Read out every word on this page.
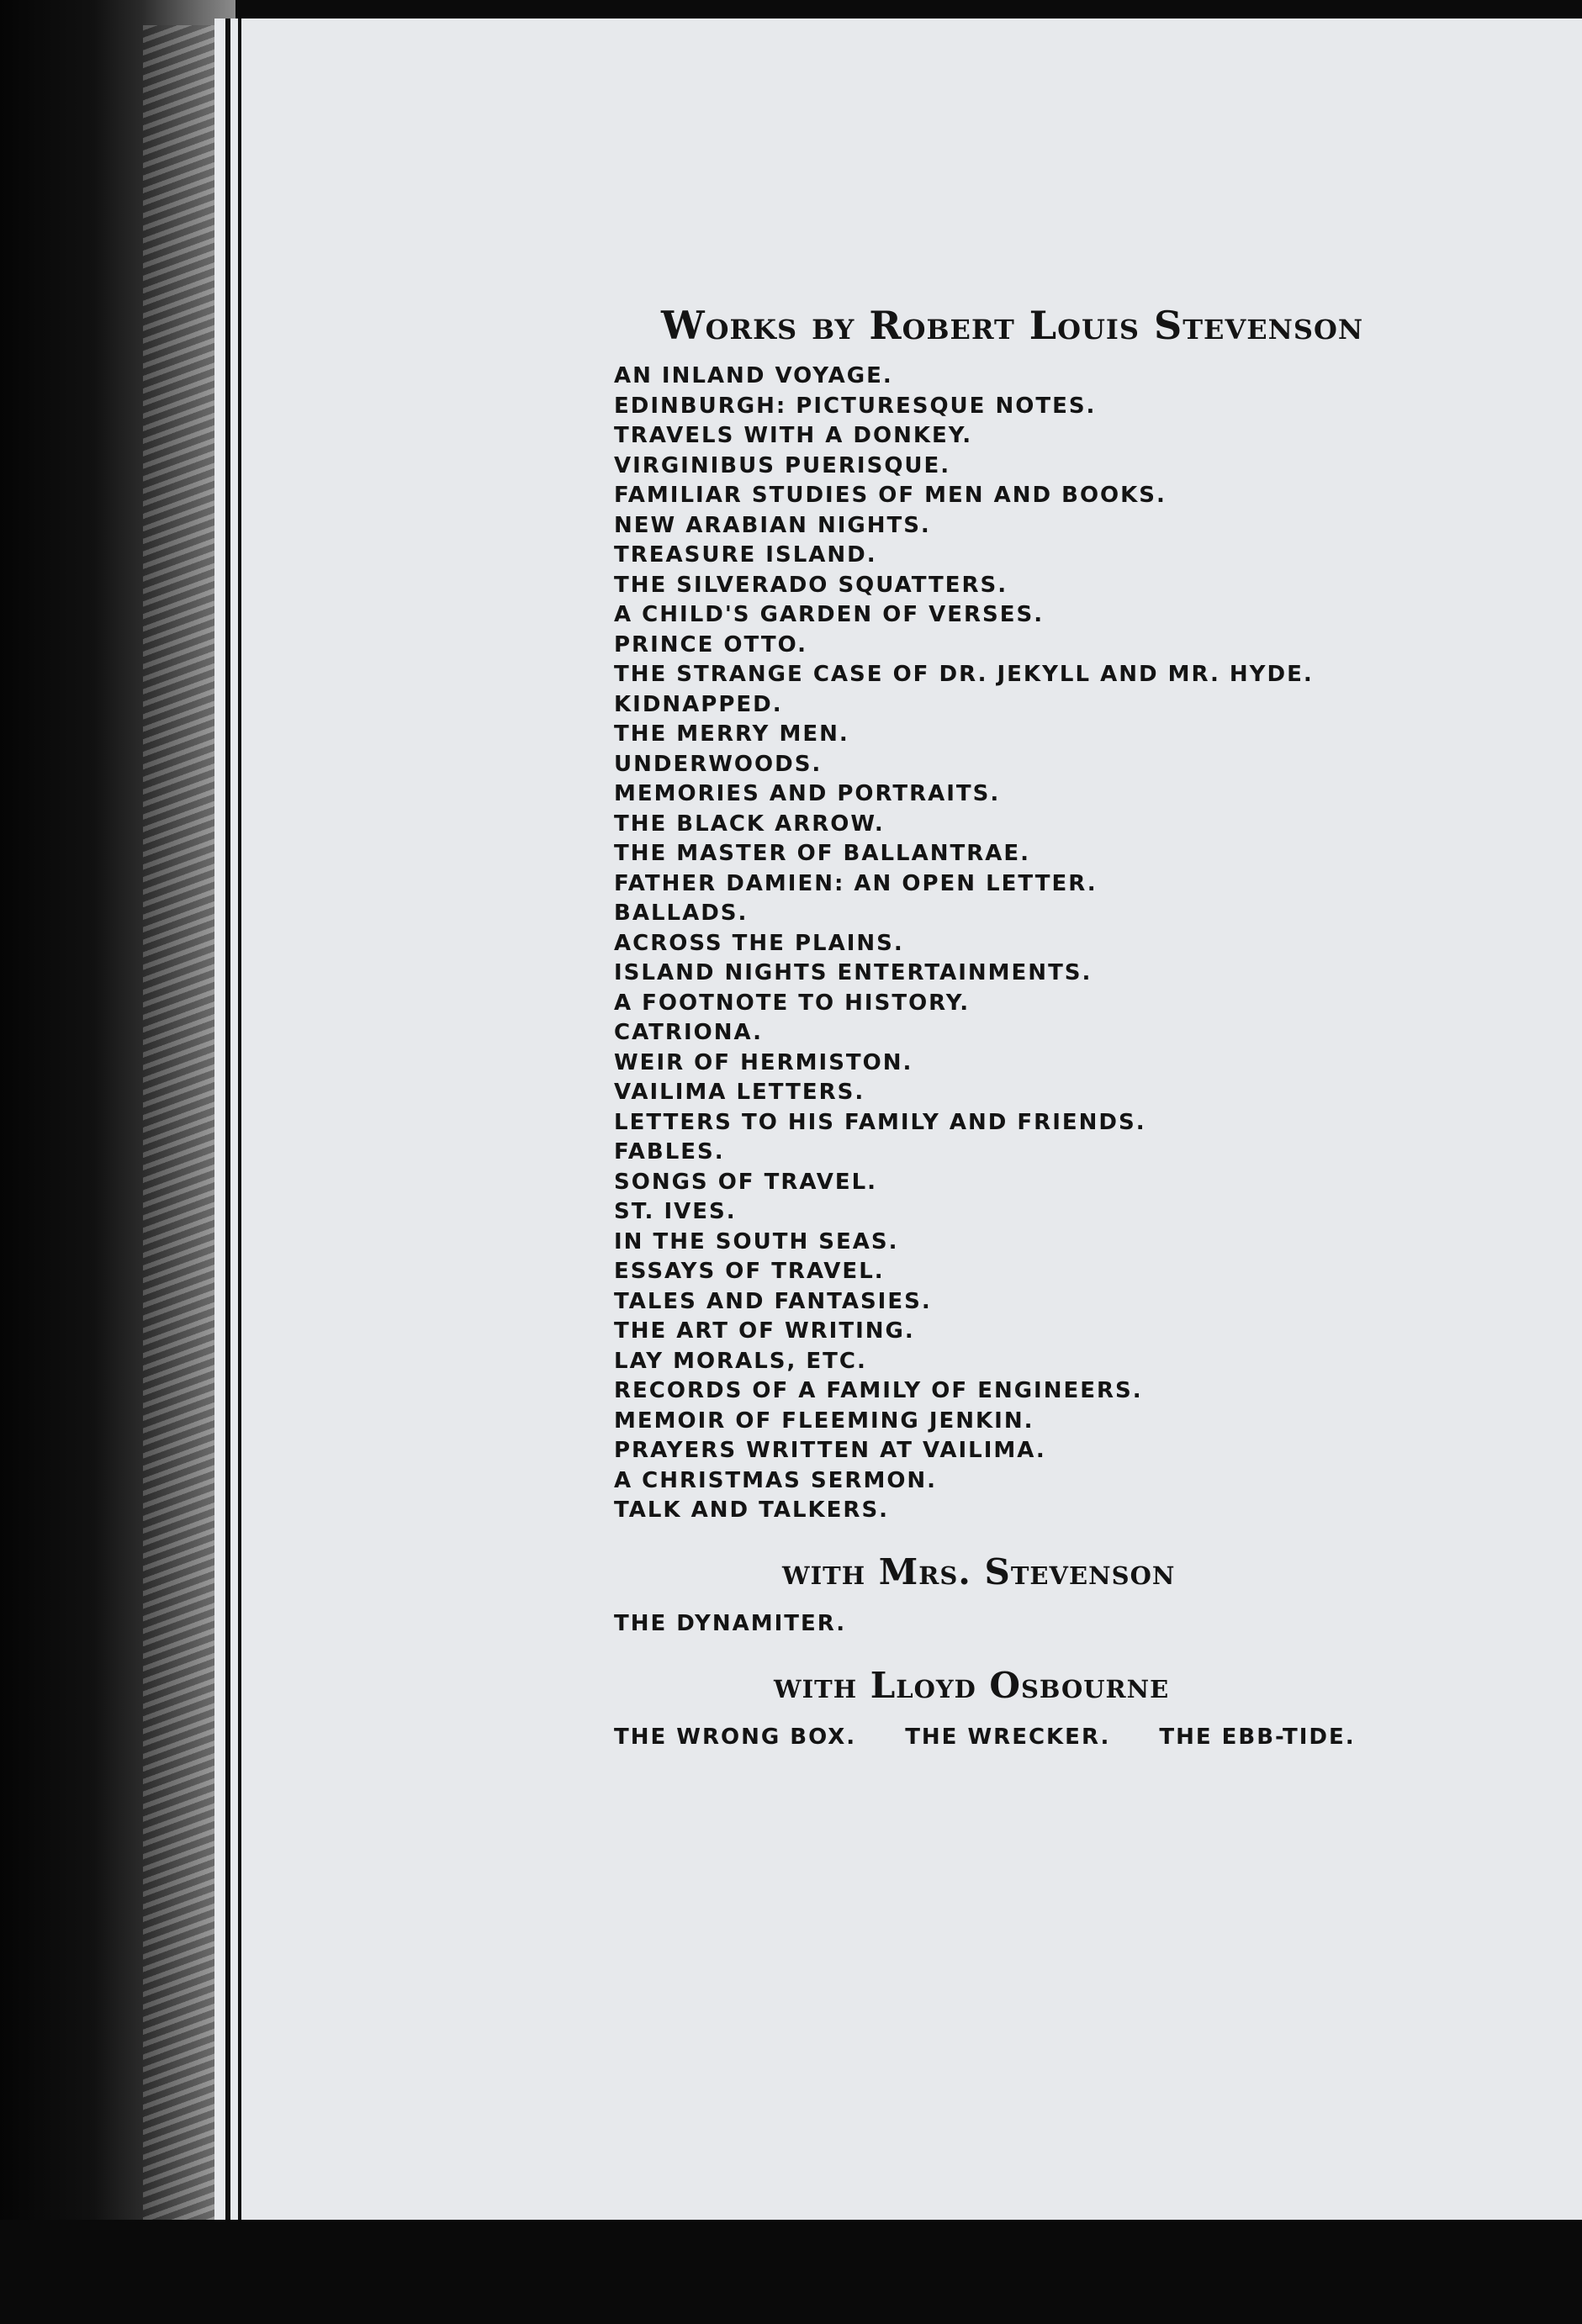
Works by Robert Louis Stevenson
AN INLAND VOYAGE.
EDINBURGH: PICTURESQUE NOTES.
TRAVELS WITH A DONKEY.
VIRGINIBUS PUERISQUE.
FAMILIAR STUDIES OF MEN AND BOOKS.
NEW ARABIAN NIGHTS.
TREASURE ISLAND.
THE SILVERADO SQUATTERS.
A CHILD'S GARDEN OF VERSES.
PRINCE OTTO.
THE STRANGE CASE OF DR. JEKYLL AND MR. HYDE.
KIDNAPPED.
THE MERRY MEN.
UNDERWOODS.
MEMORIES AND PORTRAITS.
THE BLACK ARROW.
THE MASTER OF BALLANTRAE.
FATHER DAMIEN: AN OPEN LETTER.
BALLADS.
ACROSS THE PLAINS.
ISLAND NIGHTS ENTERTAINMENTS.
A FOOTNOTE TO HISTORY.
CATRIONA.
WEIR OF HERMISTON.
VAILIMA LETTERS.
LETTERS TO HIS FAMILY AND FRIENDS.
FABLES.
SONGS OF TRAVEL.
ST. IVES.
IN THE SOUTH SEAS.
ESSAYS OF TRAVEL.
TALES AND FANTASIES.
THE ART OF WRITING.
LAY MORALS, ETC.
RECORDS OF A FAMILY OF ENGINEERS.
MEMOIR OF FLEEMING JENKIN.
PRAYERS WRITTEN AT VAILIMA.
A CHRISTMAS SERMON.
TALK AND TALKERS.
with Mrs. Stevenson
THE DYNAMITER.
with Lloyd Osbourne
THE WRONG BOX. THE WRECKER. THE EBB-TIDE.
